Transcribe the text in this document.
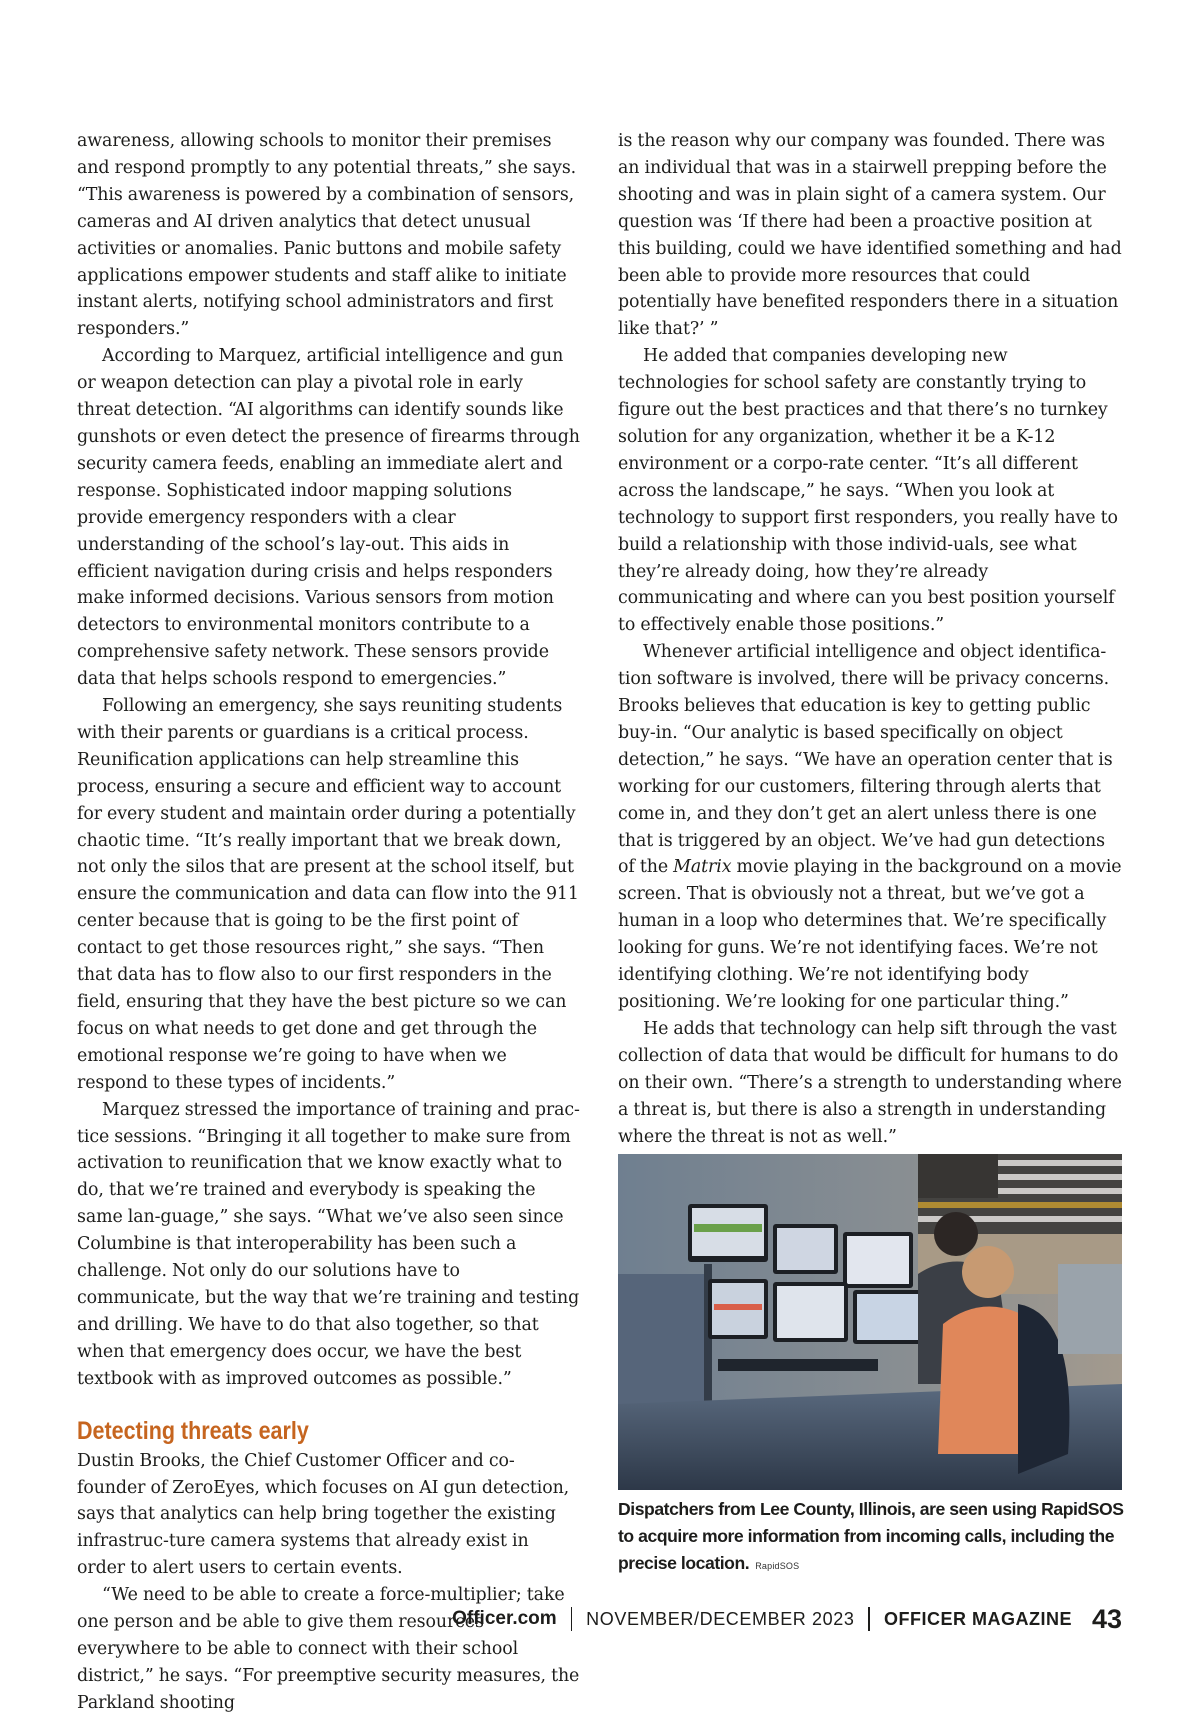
awareness, allowing schools to monitor their premises and respond promptly to any potential threats,” she says. “This awareness is powered by a combination of sensors, cameras and AI driven analytics that detect unusual activities or anomalies. Panic buttons and mobile safety applications empower students and staff alike to initiate instant alerts, notifying school administrators and first responders.”

According to Marquez, artificial intelligence and gun or weapon detection can play a pivotal role in early threat detection. “AI algorithms can identify sounds like gunshots or even detect the presence of firearms through security camera feeds, enabling an immediate alert and response. Sophisticated indoor mapping solutions provide emergency responders with a clear understanding of the school’s lay-out. This aids in efficient navigation during crisis and helps responders make informed decisions. Various sensors from motion detectors to environmental monitors contribute to a comprehensive safety network. These sensors provide data that helps schools respond to emergencies.”

Following an emergency, she says reuniting students with their parents or guardians is a critical process. Reunification applications can help streamline this process, ensuring a secure and efficient way to account for every student and maintain order during a potentially chaotic time. “It’s really important that we break down, not only the silos that are present at the school itself, but ensure the communication and data can flow into the 911 center because that is going to be the first point of contact to get those resources right,” she says. “Then that data has to flow also to our first responders in the field, ensuring that they have the best picture so we can focus on what needs to get done and get through the emotional response we’re going to have when we respond to these types of incidents.”

Marquez stressed the importance of training and prac-tice sessions. “Bringing it all together to make sure from activation to reunification that we know exactly what to do, that we’re trained and everybody is speaking the same lan-guage,” she says. “What we’ve also seen since Columbine is that interoperability has been such a challenge. Not only do our solutions have to communicate, but the way that we’re training and testing and drilling. We have to do that also together, so that when that emergency does occur, we have the best textbook with as improved outcomes as possible.”

Detecting threats early

Dustin Brooks, the Chief Customer Officer and co-founder of ZeroEyes, which focuses on AI gun detection, says that analytics can help bring together the existing infrastruc-ture camera systems that already exist in order to alert users to certain events.

“We need to be able to create a force-multiplier; take one person and be able to give them resources everywhere to be able to connect with their school district,” he says. “For preemptive security measures, the Parkland shooting

is the reason why our company was founded. There was an individual that was in a stairwell prepping before the shooting and was in plain sight of a camera system. Our question was ‘If there had been a proactive position at this building, could we have identified something and had been able to provide more resources that could potentially have benefited responders there in a situation like that?’ ”

He added that companies developing new technologies for school safety are constantly trying to figure out the best practices and that there’s no turnkey solution for any organization, whether it be a K-12 environment or a corpo-rate center. “It’s all different across the landscape,” he says. “When you look at technology to support first responders, you really have to build a relationship with those individ-uals, see what they’re already doing, how they’re already communicating and where can you best position yourself to effectively enable those positions.”

Whenever artificial intelligence and object identifica-tion software is involved, there will be privacy concerns. Brooks believes that education is key to getting public buy-in. “Our analytic is based specifically on object detection,” he says. “We have an operation center that is working for our customers, filtering through alerts that come in, and they don’t get an alert unless there is one that is triggered by an object. We’ve had gun detections of the Matrix movie playing in the background on a movie screen. That is obviously not a threat, but we’ve got a human in a loop who determines that. We’re specifically looking for guns. We’re not identifying faces. We’re not identifying clothing. We’re not identifying body positioning. We’re looking for one particular thing.”

He adds that technology can help sift through the vast collection of data that would be difficult for humans to do on their own. “There’s a strength to understanding where a threat is, but there is also a strength in understanding where the threat is not as well.”

Dispatchers from Lee County, Illinois, are seen using RapidSOS to acquire more information from incoming calls, including the precise location. RapidSOS
Officer.com NOVEMBER/DECEMBER 2023 OFFICER MAGAZINE 43
